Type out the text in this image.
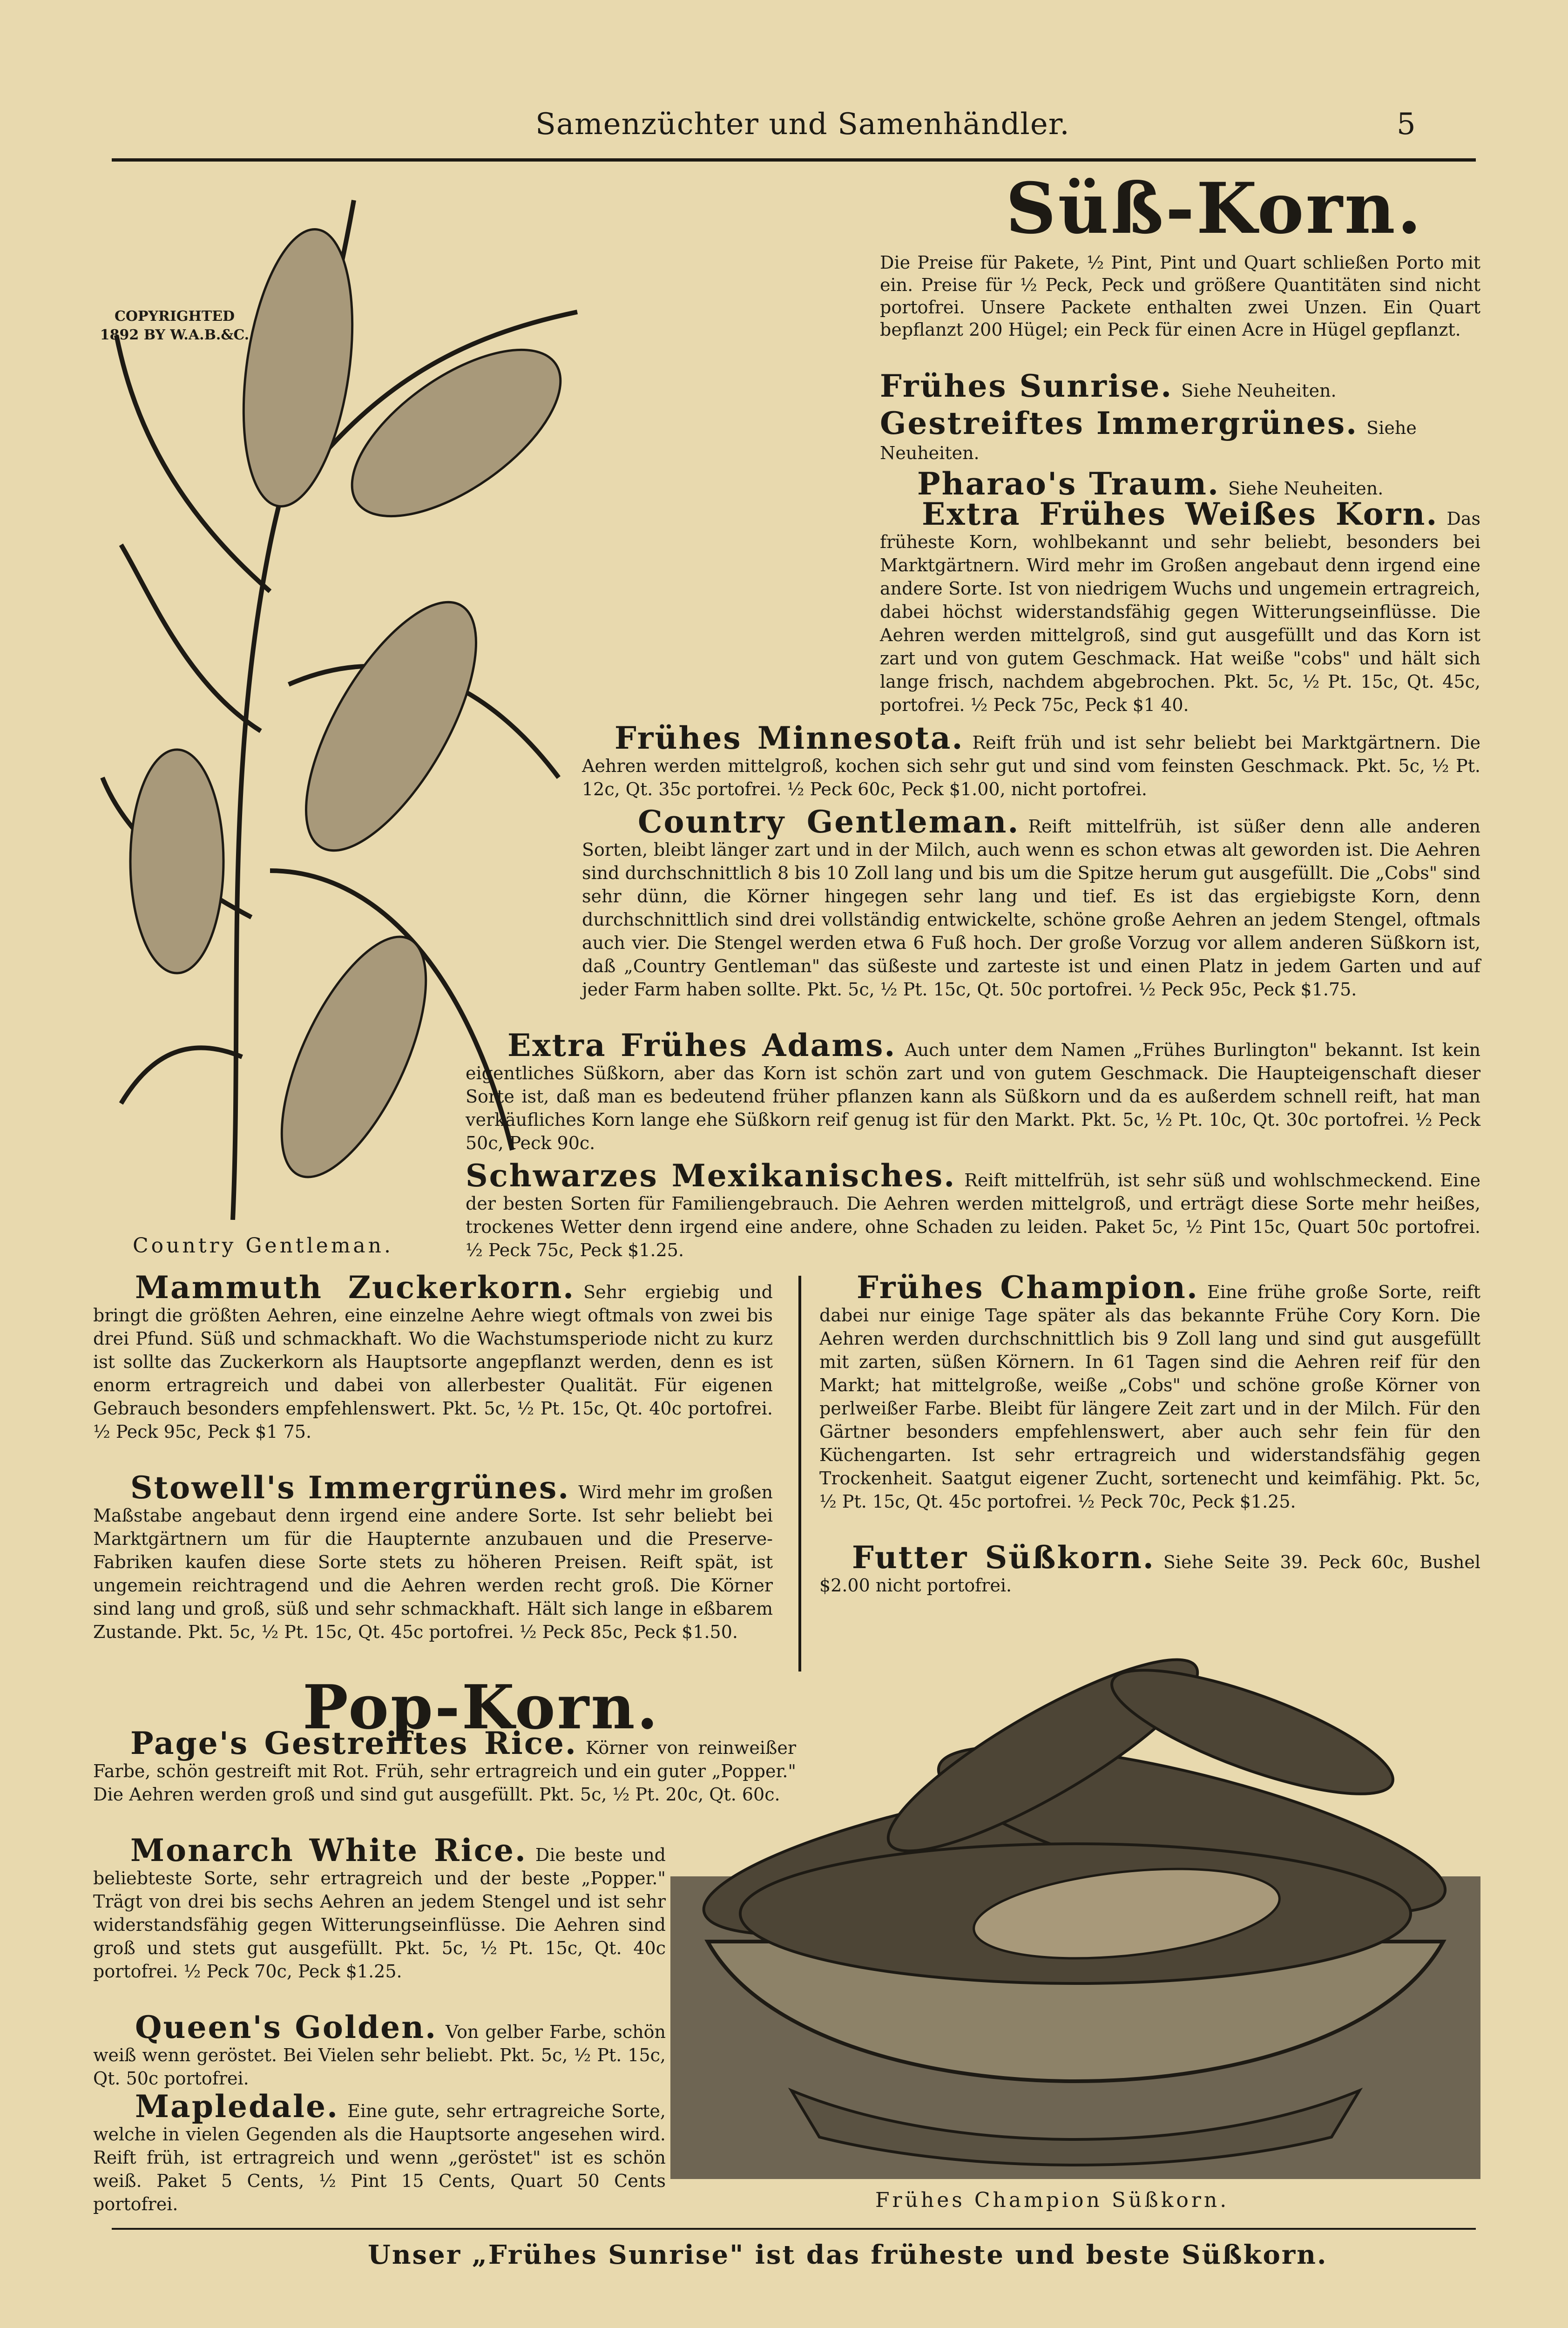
Samenzüchter und Samenhändler.	5
COPYRIGHTED 1892 BY W.A.B.&C.
Country Gentleman.
Süß-Korn.
Die Preise für Pakete, ½ Pint, Pint und Quart schließen Porto mit ein. Preise für ½ Peck, Peck und größere Quantitäten sind nicht portofrei. Unsere Packete enthalten zwei Unzen. Ein Quart bepflanzt 200 Hügel; ein Peck für einen Acre in Hügel gepflanzt.
Frühes Sunrise. Siehe Neuheiten.
Gestreiftes Immergrünes. Siehe Neuheiten.
Pharao's Traum. Siehe Neuheiten.
Extra Frühes Weißes Korn. Das früheste Korn, wohlbekannt und sehr beliebt, besonders bei Marktgärtnern. Wird mehr im Großen angebaut denn irgend eine andere Sorte. Ist von niedrigem Wuchs und ungemein ertragreich, dabei höchst widerstandsfähig gegen Witterungseinflüsse. Die Aehren werden mittelgroß, sind gut ausgefüllt und das Korn ist zart und von gutem Geschmack. Hat weiße "cobs" und hält sich lange frisch, nachdem abgebrochen. Pkt. 5c, ½ Pt. 15c, Qt. 45c, portofrei. ½ Peck 75c, Peck $1 40.
Frühes Minnesota. Reift früh und ist sehr beliebt bei Marktgärtnern. Die Aehren werden mittelgroß, kochen sich sehr gut und sind vom feinsten Geschmack. Pkt. 5c, ½ Pt. 12c, Qt. 35c portofrei. ½ Peck 60c, Peck $1.00, nicht portofrei.
Country Gentleman. Reift mittelfrüh, ist süßer denn alle anderen Sorten, bleibt länger zart und in der Milch, auch wenn es schon etwas alt geworden ist. Die Aehren sind durchschnittlich 8 bis 10 Zoll lang und bis um die Spitze herum gut ausgefüllt. Die „Cobs" sind sehr dünn, die Körner hingegen sehr lang und tief. Es ist das ergiebigste Korn, denn durchschnittlich sind drei vollständig entwickelte, schöne große Aehren an jedem Stengel, oftmals auch vier. Die Stengel werden etwa 6 Fuß hoch. Der große Vorzug vor allem anderen Süßkorn ist, daß „Country Gentleman" das süßeste und zarteste ist und einen Platz in jedem Garten und auf jeder Farm haben sollte. Pkt. 5c, ½ Pt. 15c, Qt. 50c portofrei. ½ Peck 95c, Peck $1.75.
Extra Frühes Adams. Auch unter dem Namen „Frühes Burlington" bekannt. Ist kein eigentliches Süßkorn, aber das Korn ist schön zart und von gutem Geschmack. Die Haupteigenschaft dieser Sorte ist, daß man es bedeutend früher pflanzen kann als Süßkorn und da es außerdem schnell reift, hat man verkäufliches Korn lange ehe Süßkorn reif genug ist für den Markt. Pkt. 5c, ½ Pt. 10c, Qt. 30c portofrei. ½ Peck 50c, Peck 90c.
Schwarzes Mexikanisches. Reift mittelfrüh, ist sehr süß und wohlschmeckend. Eine der besten Sorten für Familiengebrauch. Die Aehren werden mittelgroß, und erträgt diese Sorte mehr heißes, trockenes Wetter denn irgend eine andere, ohne Schaden zu leiden. Paket 5c, ½ Pint 15c, Quart 50c portofrei. ½ Peck 75c, Peck $1.25.
Mammuth Zuckerkorn. Sehr ergiebig und bringt die größten Aehren, eine einzelne Aehre wiegt oftmals von zwei bis drei Pfund. Süß und schmackhaft. Wo die Wachstumsperiode nicht zu kurz ist sollte das Zuckerkorn als Hauptsorte angepflanzt werden, denn es ist enorm ertragreich und dabei von allerbester Qualität. Für eigenen Gebrauch besonders empfehlenswert. Pkt. 5c, ½ Pt. 15c, Qt. 40c portofrei. ½ Peck 95c, Peck $1 75.
Stowell's Immergrünes. Wird mehr im großen Maßstabe angebaut denn irgend eine andere Sorte. Ist sehr beliebt bei Marktgärtnern um für die Haupternte anzubauen und die Preserve-Fabriken kaufen diese Sorte stets zu höheren Preisen. Reift spät, ist ungemein reichtragend und die Aehren werden recht groß. Die Körner sind lang und groß, süß und sehr schmackhaft. Hält sich lange in eßbarem Zustande. Pkt. 5c, ½ Pt. 15c, Qt. 45c portofrei. ½ Peck 85c, Peck $1.50.
Frühes Champion. Eine frühe große Sorte, reift dabei nur einige Tage später als das bekannte Frühe Cory Korn. Die Aehren werden durchschnittlich bis 9 Zoll lang und sind gut ausgefüllt mit zarten, süßen Körnern. In 61 Tagen sind die Aehren reif für den Markt; hat mittelgroße, weiße „Cobs" und schöne große Körner von perlweißer Farbe. Bleibt für längere Zeit zart und in der Milch. Für den Gärtner besonders empfehlenswert, aber auch sehr fein für den Küchengarten. Ist sehr ertragreich und widerstandsfähig gegen Trockenheit. Saatgut eigener Zucht, sortenecht und keimfähig. Pkt. 5c, ½ Pt. 15c, Qt. 45c portofrei. ½ Peck 70c, Peck $1.25.
Futter Süßkorn. Siehe Seite 39. Peck 60c, Bushel $2.00 nicht portofrei.
Pop-Korn.
Page's Gestreiftes Rice. Körner von reinweißer Farbe, schön gestreift mit Rot. Früh, sehr ertragreich und ein guter „Popper." Die Aehren werden groß und sind gut ausgefüllt. Pkt. 5c, ½ Pt. 20c, Qt. 60c.
Monarch White Rice. Die beste und beliebteste Sorte, sehr ertragreich und der beste „Popper." Trägt von drei bis sechs Aehren an jedem Stengel und ist sehr widerstandsfähig gegen Witterungseinflüsse. Die Aehren sind groß und stets gut ausgefüllt. Pkt. 5c, ½ Pt. 15c, Qt. 40c portofrei. ½ Peck 70c, Peck $1.25.
Queen's Golden. Von gelber Farbe, schön weiß wenn geröstet. Bei Vielen sehr beliebt. Pkt. 5c, ½ Pt. 15c, Qt. 50c portofrei.
Mapledale. Eine gute, sehr ertragreiche Sorte, welche in vielen Gegenden als die Hauptsorte angesehen wird. Reift früh, ist ertragreich und wenn „geröstet" ist es schön weiß. Paket 5 Cents, ½ Pint 15 Cents, Quart 50 Cents portofrei.	Frühes Champion Süßkorn.
Unser „Frühes Sunrise" ist das früheste und beste Süßkorn.
